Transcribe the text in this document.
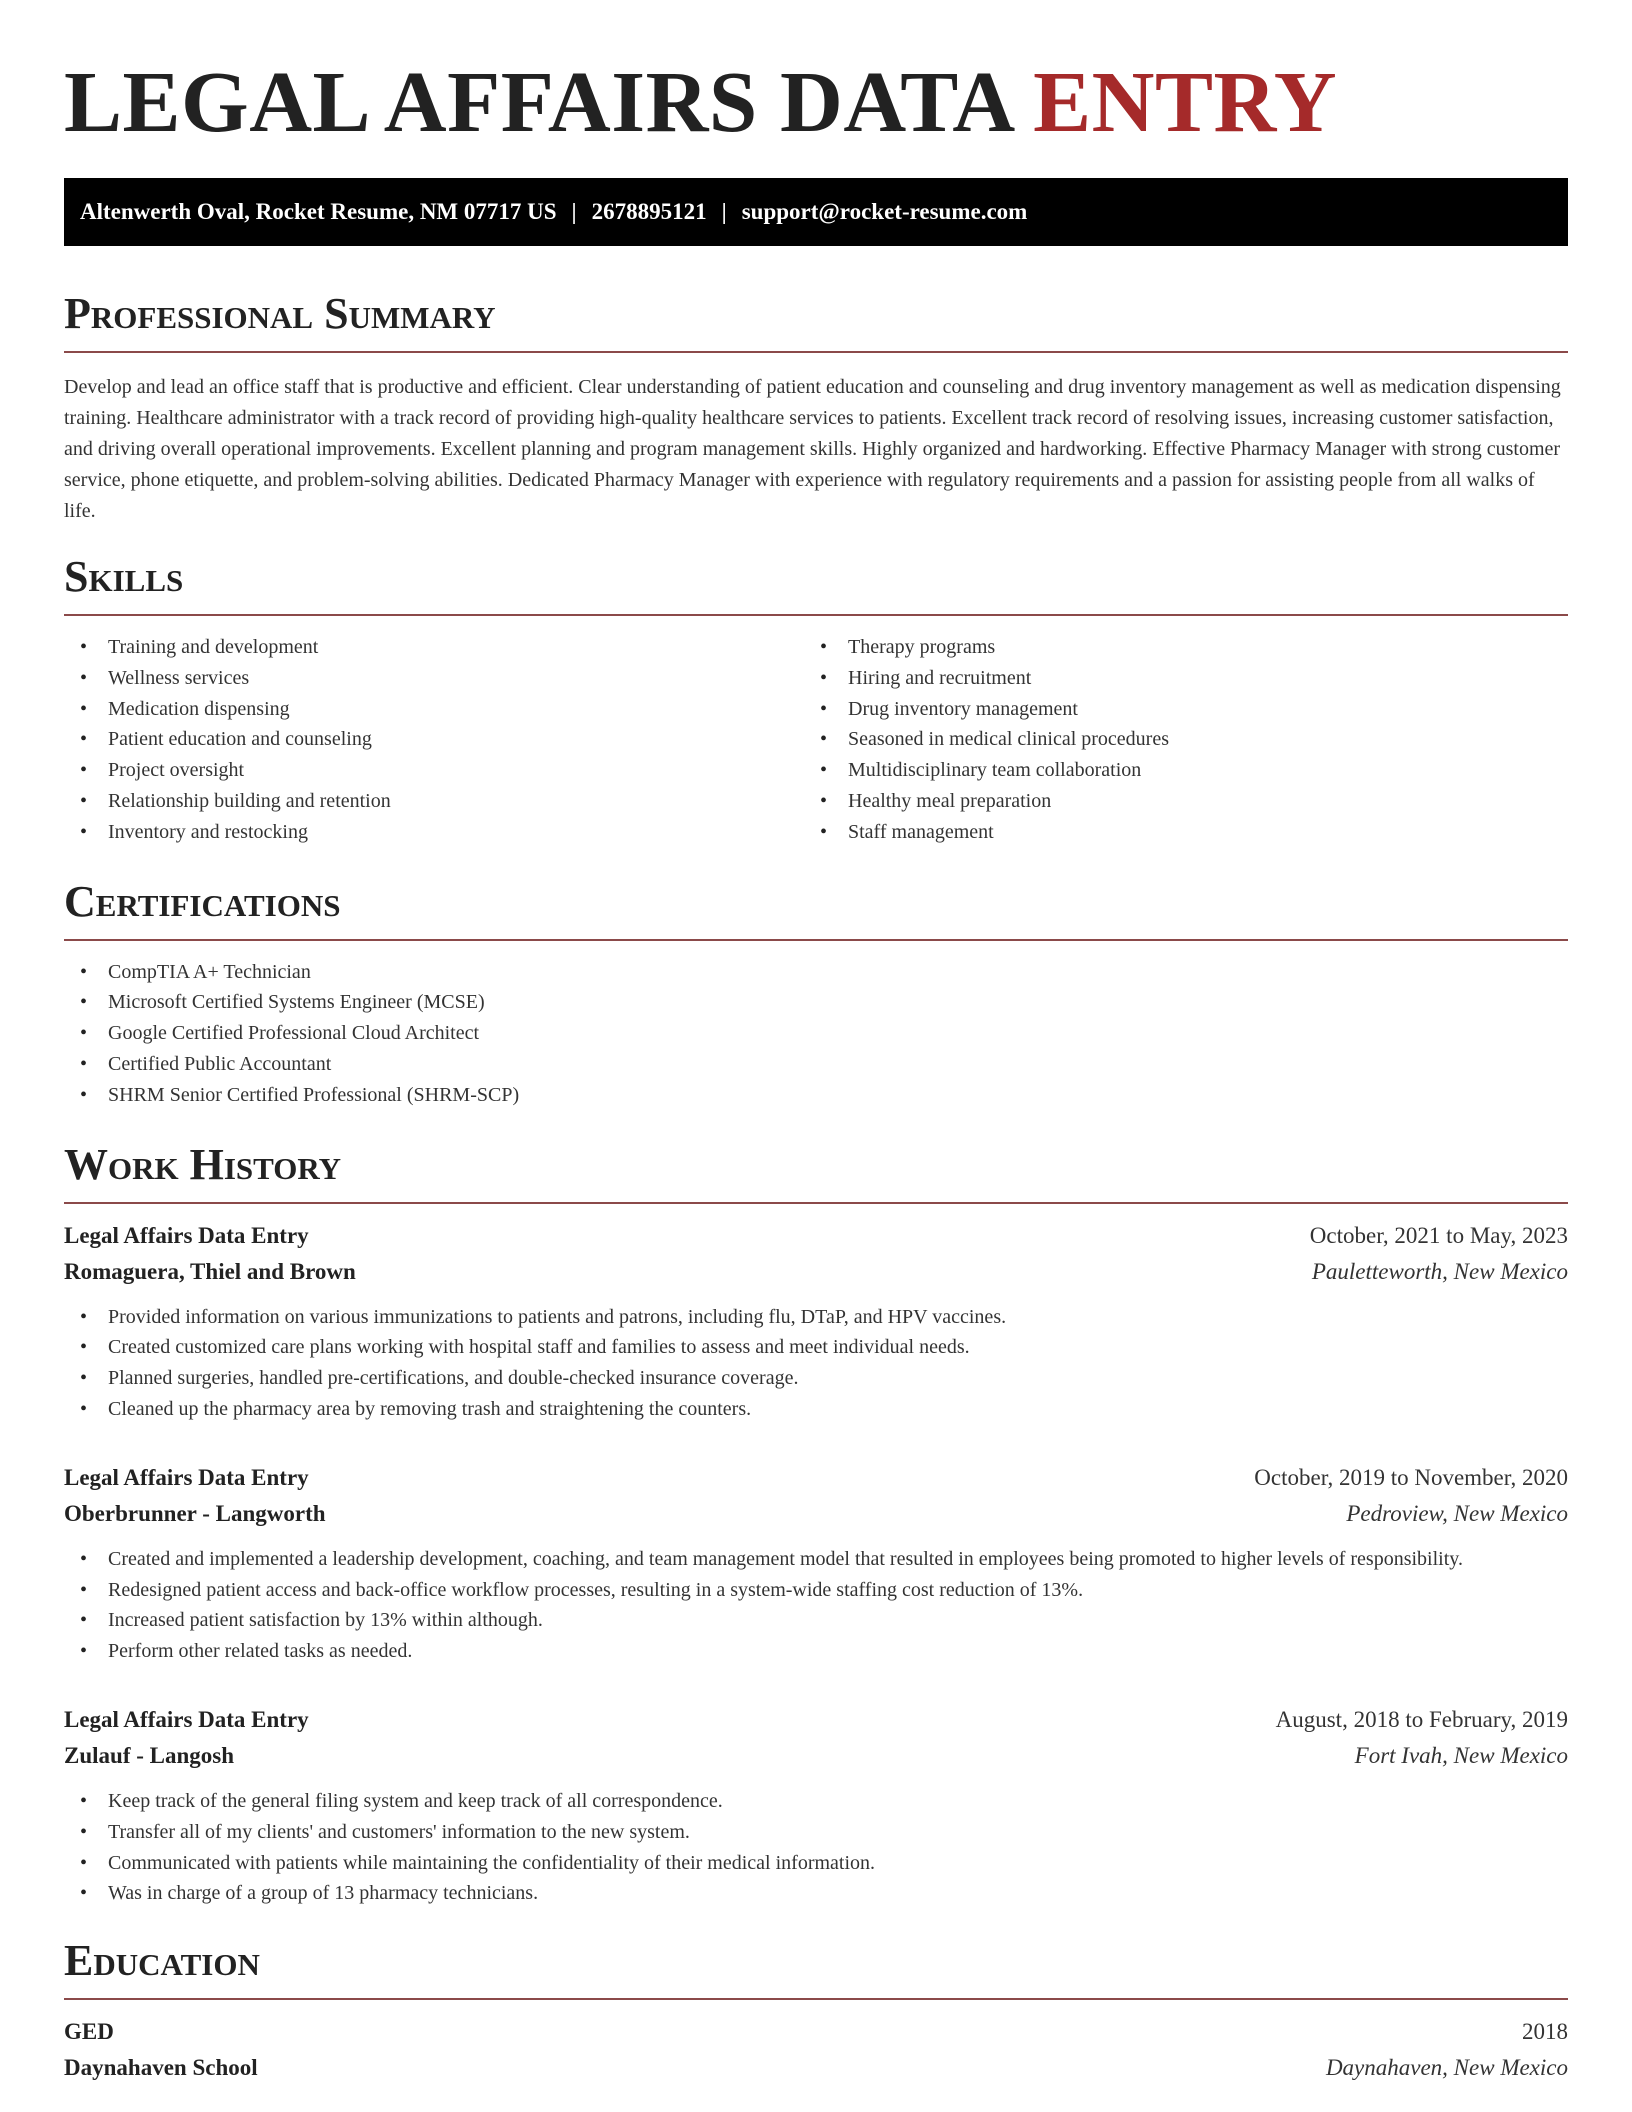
LEGAL AFFAIRS DATA ENTRY
Altenwerth Oval, Rocket Resume, NM 07717 US | 2678895121 | support@rocket-resume.com
Professional Summary

Develop and lead an office staff that is productive and efficient. Clear understanding of patient education and counseling and drug inventory management as well as medication dispensing training. Healthcare administrator with a track record of providing high-quality healthcare services to patients. Excellent track record of resolving issues, increasing customer satisfaction, and driving overall operational improvements. Excellent planning and program management skills. Highly organized and hardworking. Effective Pharmacy Manager with strong customer service, phone etiquette, and problem-solving abilities. Dedicated Pharmacy Manager with experience with regulatory requirements and a passion for assisting people from all walks of life.

Skills
• Training and development
• Wellness services
• Medication dispensing
• Patient education and counseling
• Project oversight
• Relationship building and retention
• Inventory and restocking
• Therapy programs
• Hiring and recruitment
• Drug inventory management
• Seasoned in medical clinical procedures
• Multidisciplinary team collaboration
• Healthy meal preparation
• Staff management
Certifications
• CompTIA A+ Technician
• Microsoft Certified Systems Engineer (MCSE)
• Google Certified Professional Cloud Architect
• Certified Public Accountant
• SHRM Senior Certified Professional (SHRM-SCP)
Work History
Legal Affairs Data Entry	October, 2021 to May, 2023
Romaguera, Thiel and Brown	Pauletteworth, New Mexico
• Provided information on various immunizations to patients and patrons, including flu, DTaP, and HPV vaccines.
• Created customized care plans working with hospital staff and families to assess and meet individual needs.
• Planned surgeries, handled pre-certifications, and double-checked insurance coverage.
• Cleaned up the pharmacy area by removing trash and straightening the counters.
Legal Affairs Data Entry	October, 2019 to November, 2020
Oberbrunner - Langworth	Pedroview, New Mexico
• Created and implemented a leadership development, coaching, and team management model that resulted in employees being promoted to higher levels of responsibility.
• Redesigned patient access and back-office workflow processes, resulting in a system-wide staffing cost reduction of 13%.
• Increased patient satisfaction by 13% within although.
• Perform other related tasks as needed.
Legal Affairs Data Entry	August, 2018 to February, 2019
Zulauf - Langosh	Fort Ivah, New Mexico
• Keep track of the general filing system and keep track of all correspondence.
• Transfer all of my clients' and customers' information to the new system.
• Communicated with patients while maintaining the confidentiality of their medical information.
• Was in charge of a group of 13 pharmacy technicians.
Education
GED	2018
Daynahaven School	Daynahaven, New Mexico
